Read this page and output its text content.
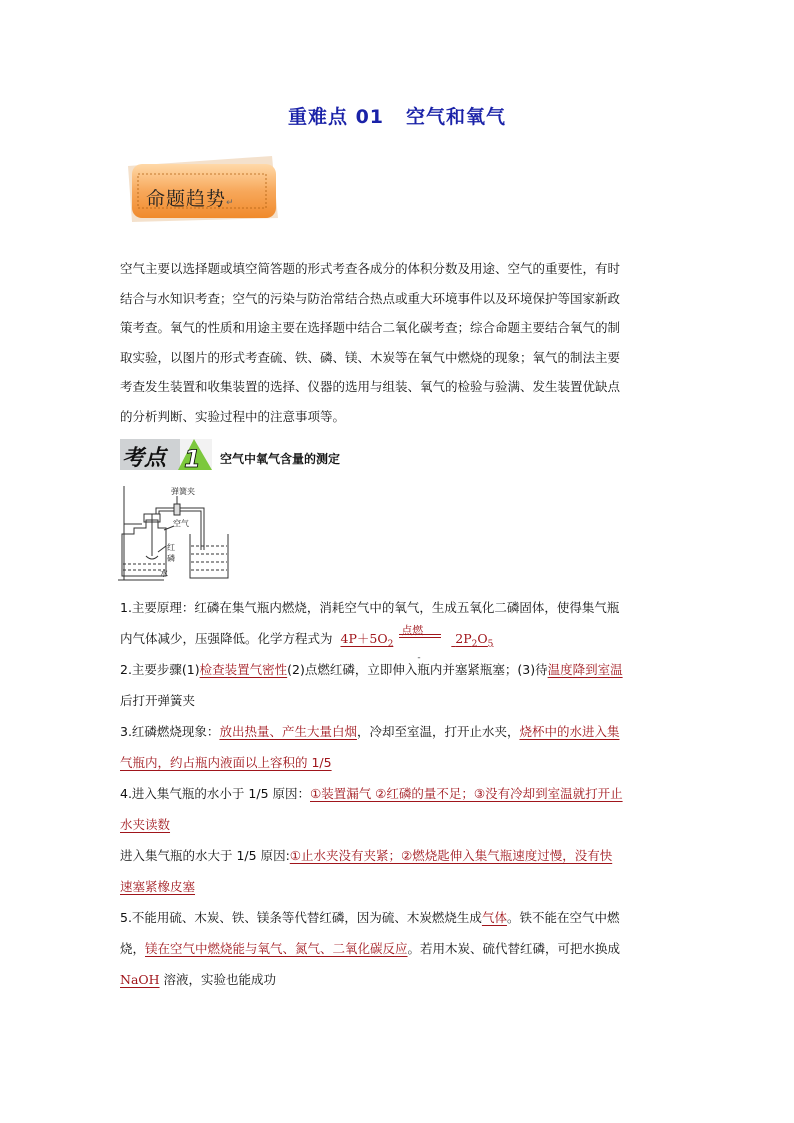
重难点 01 空气和氧气
命题趋势↵

空气主要以选择题或填空简答题的形式考查各成分的体积分数及用途、空气的重要性，有时

结合与水知识考查；空气的污染与防治常结合热点或重大环境事件以及环境保护等国家新政

策考查。氧气的性质和用途主要在选择题中结合二氧化碳考查；综合命题主要结合氧气的制

取实验，以图片的形式考查硫、铁、磷、镁、木炭等在氧气中燃烧的现象；氧气的制法主要

考查发生装置和收集装置的选择、仪器的选用与组装、氧气的检验与验满、发生装置优缺点

的分析判断、实验过程中的注意事项等。

考点 1 空气中氧气含量的测定
弹簧夹
空气
红
磷
水
1.主要原理：红磷在集气瓶内燃烧，消耗空气中的氧气，生成五氧化二磷固体，使得集气瓶
内气体减少，压强降低。化学方程式为 $4P+5O_2$
点燃
-
$2P_2O_5$
2.主要步骤(1)检查装置气密性(2)点燃红磷，立即伸入瓶内并塞紧瓶塞；(3)待温度降到室温
后打开弹簧夹
3.红磷燃烧现象：放出热量、产生大量白烟，冷却至室温，打开止水夹，烧杯中的水进入集
气瓶内，约占瓶内液面以上容积的 1/5
4.进入集气瓶的水小于 1/5 原因：①装置漏气 ②红磷的量不足；③没有冷却到室温就打开止
水夹读数
进入集气瓶的水大于 1/5 原因:①止水夹没有夹紧；②燃烧匙伸入集气瓶速度过慢，没有快
速塞紧橡皮塞
5.不能用硫、木炭、铁、镁条等代替红磷，因为硫、木炭燃烧生成气体。铁不能在空气中燃
烧，镁在空气中燃烧能与氧气、氮气、二氧化碳反应。若用木炭、硫代替红磷，可把水换成
NaOH 溶液，实验也能成功
